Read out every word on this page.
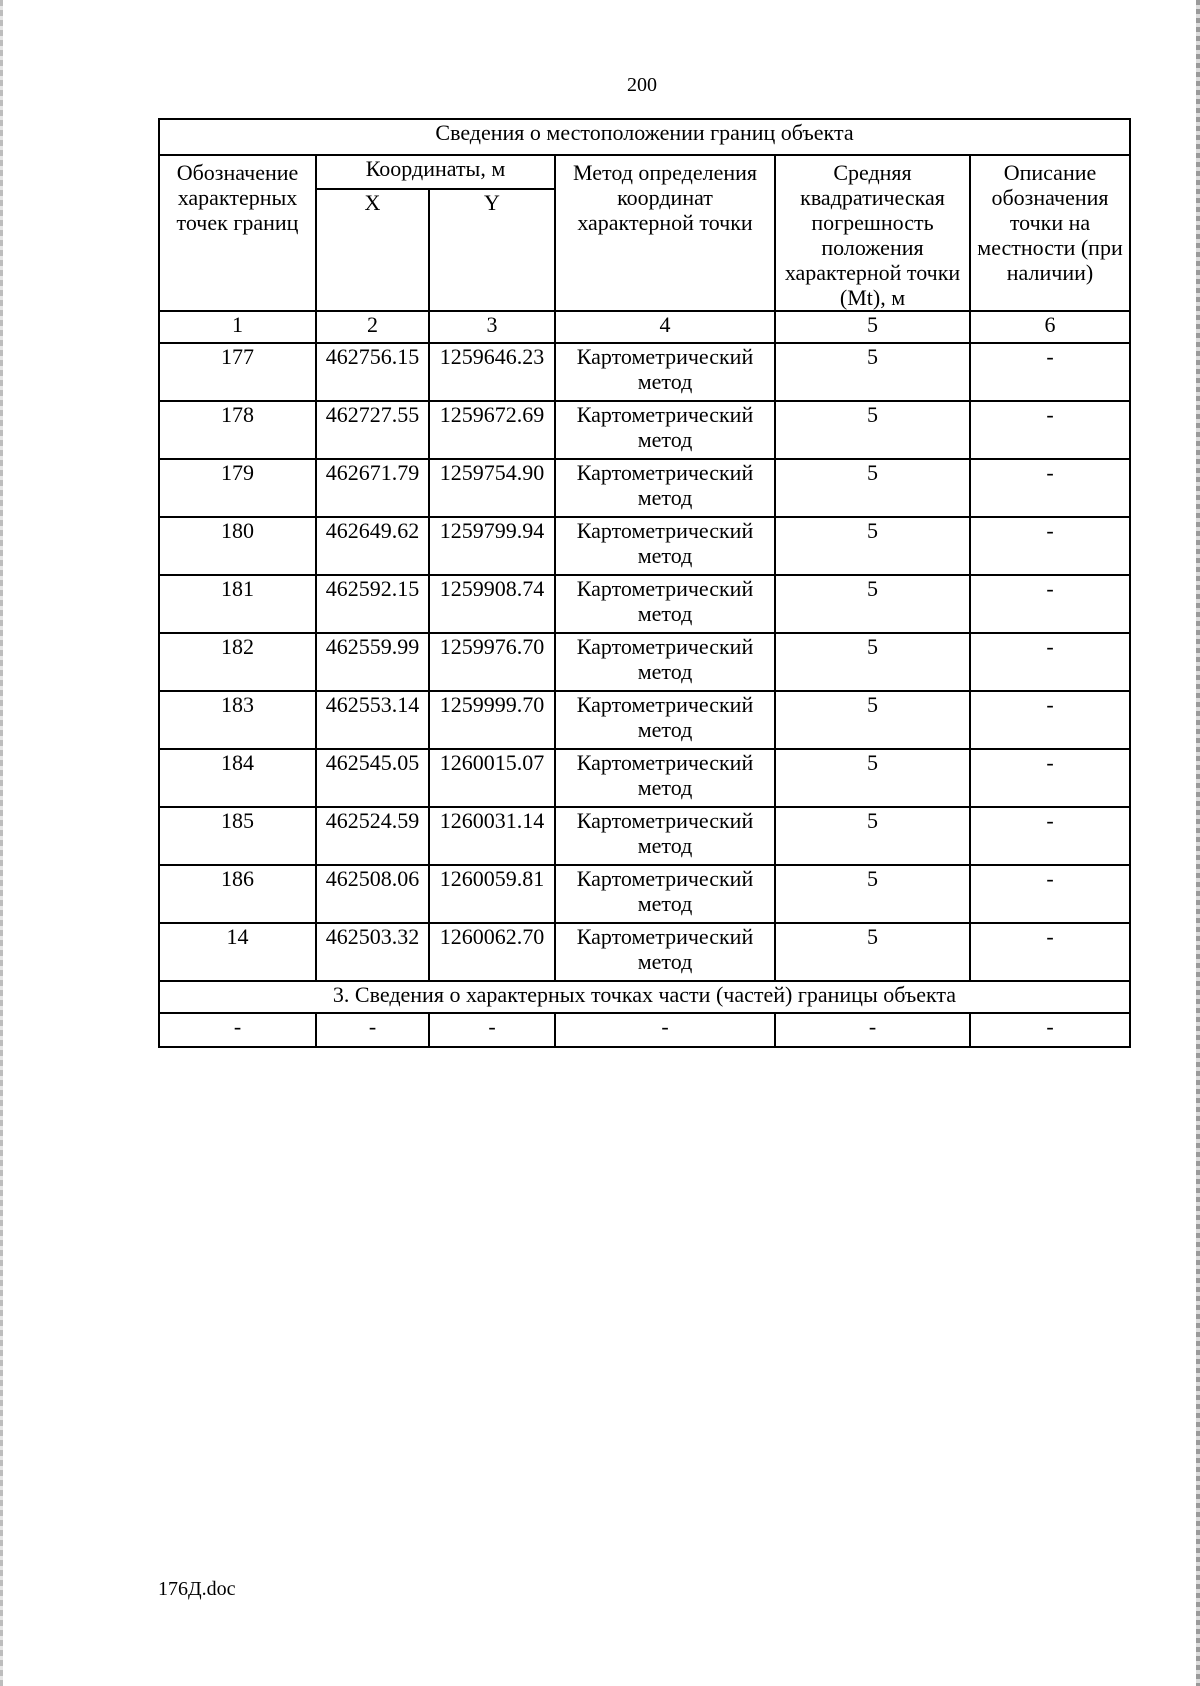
200
Сведения о местоположении границ объекта					
Обозначение характерных точек границ	Координаты, м		Метод определения координат характерной точки	Средняя квадратическая погрешность положения характерной точки (Mt), м	Описание обозначения точки на местности (при наличии)
	X	Y			
1	2	3	4	5	6
177	462756.15	1259646.23	Картометрический метод	5	-
178	462727.55	1259672.69	Картометрический метод	5	-
179	462671.79	1259754.90	Картометрический метод	5	-
180	462649.62	1259799.94	Картометрический метод	5	-
181	462592.15	1259908.74	Картометрический метод	5	-
182	462559.99	1259976.70	Картометрический метод	5	-
183	462553.14	1259999.70	Картометрический метод	5	-
184	462545.05	1260015.07	Картометрический метод	5	-
185	462524.59	1260031.14	Картометрический метод	5	-
186	462508.06	1260059.81	Картометрический метод	5	-
14	462503.32	1260062.70	Картометрический метод	5	-
3. Сведения о характерных точках части (частей) границы объекта					
-	-	-	-	-	-
176Д.doc
